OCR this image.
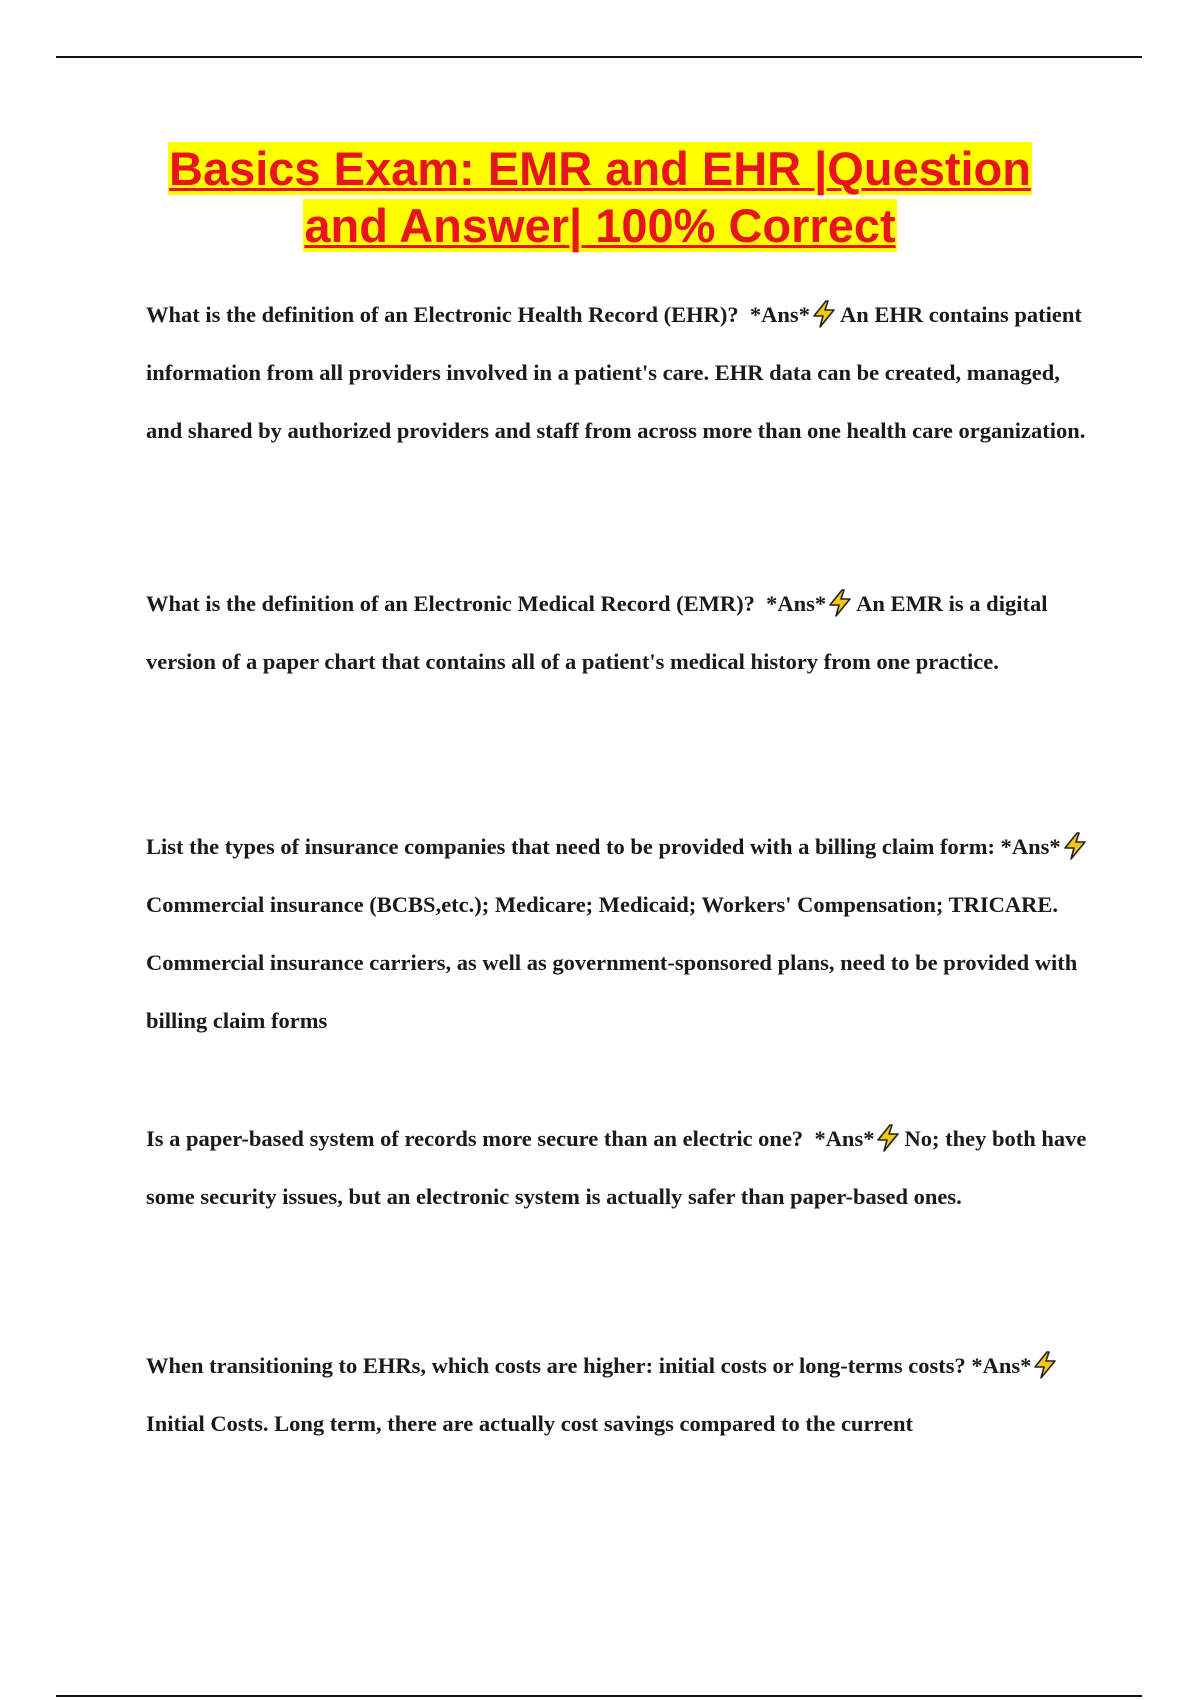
Basics Exam: EMR and EHR |Question
and Answer| 100% Correct

What is the definition of an Electronic Health Record (EHR)? *Ans* An EHR contains patient information from all providers involved in a patient's care. EHR data can be created, managed, and shared by authorized providers and staff from across more than one health care organization.

What is the definition of an Electronic Medical Record (EMR)? *Ans* An EMR is a digital version of a paper chart that contains all of a patient's medical history from one practice.

List the types of insurance companies that need to be provided with a billing claim form: *Ans*
Commercial insurance (BCBS,etc.); Medicare; Medicaid; Workers' Compensation; TRICARE. Commercial insurance carriers, as well as government-sponsored plans, need to be provided with billing claim forms

Is a paper-based system of records more secure than an electric one? *Ans* No; they both have some security issues, but an electronic system is actually safer than paper-based ones.

When transitioning to EHRs, which costs are higher: initial costs or long-terms costs? *Ans*
Initial Costs. Long term, there are actually cost savings compared to the current
